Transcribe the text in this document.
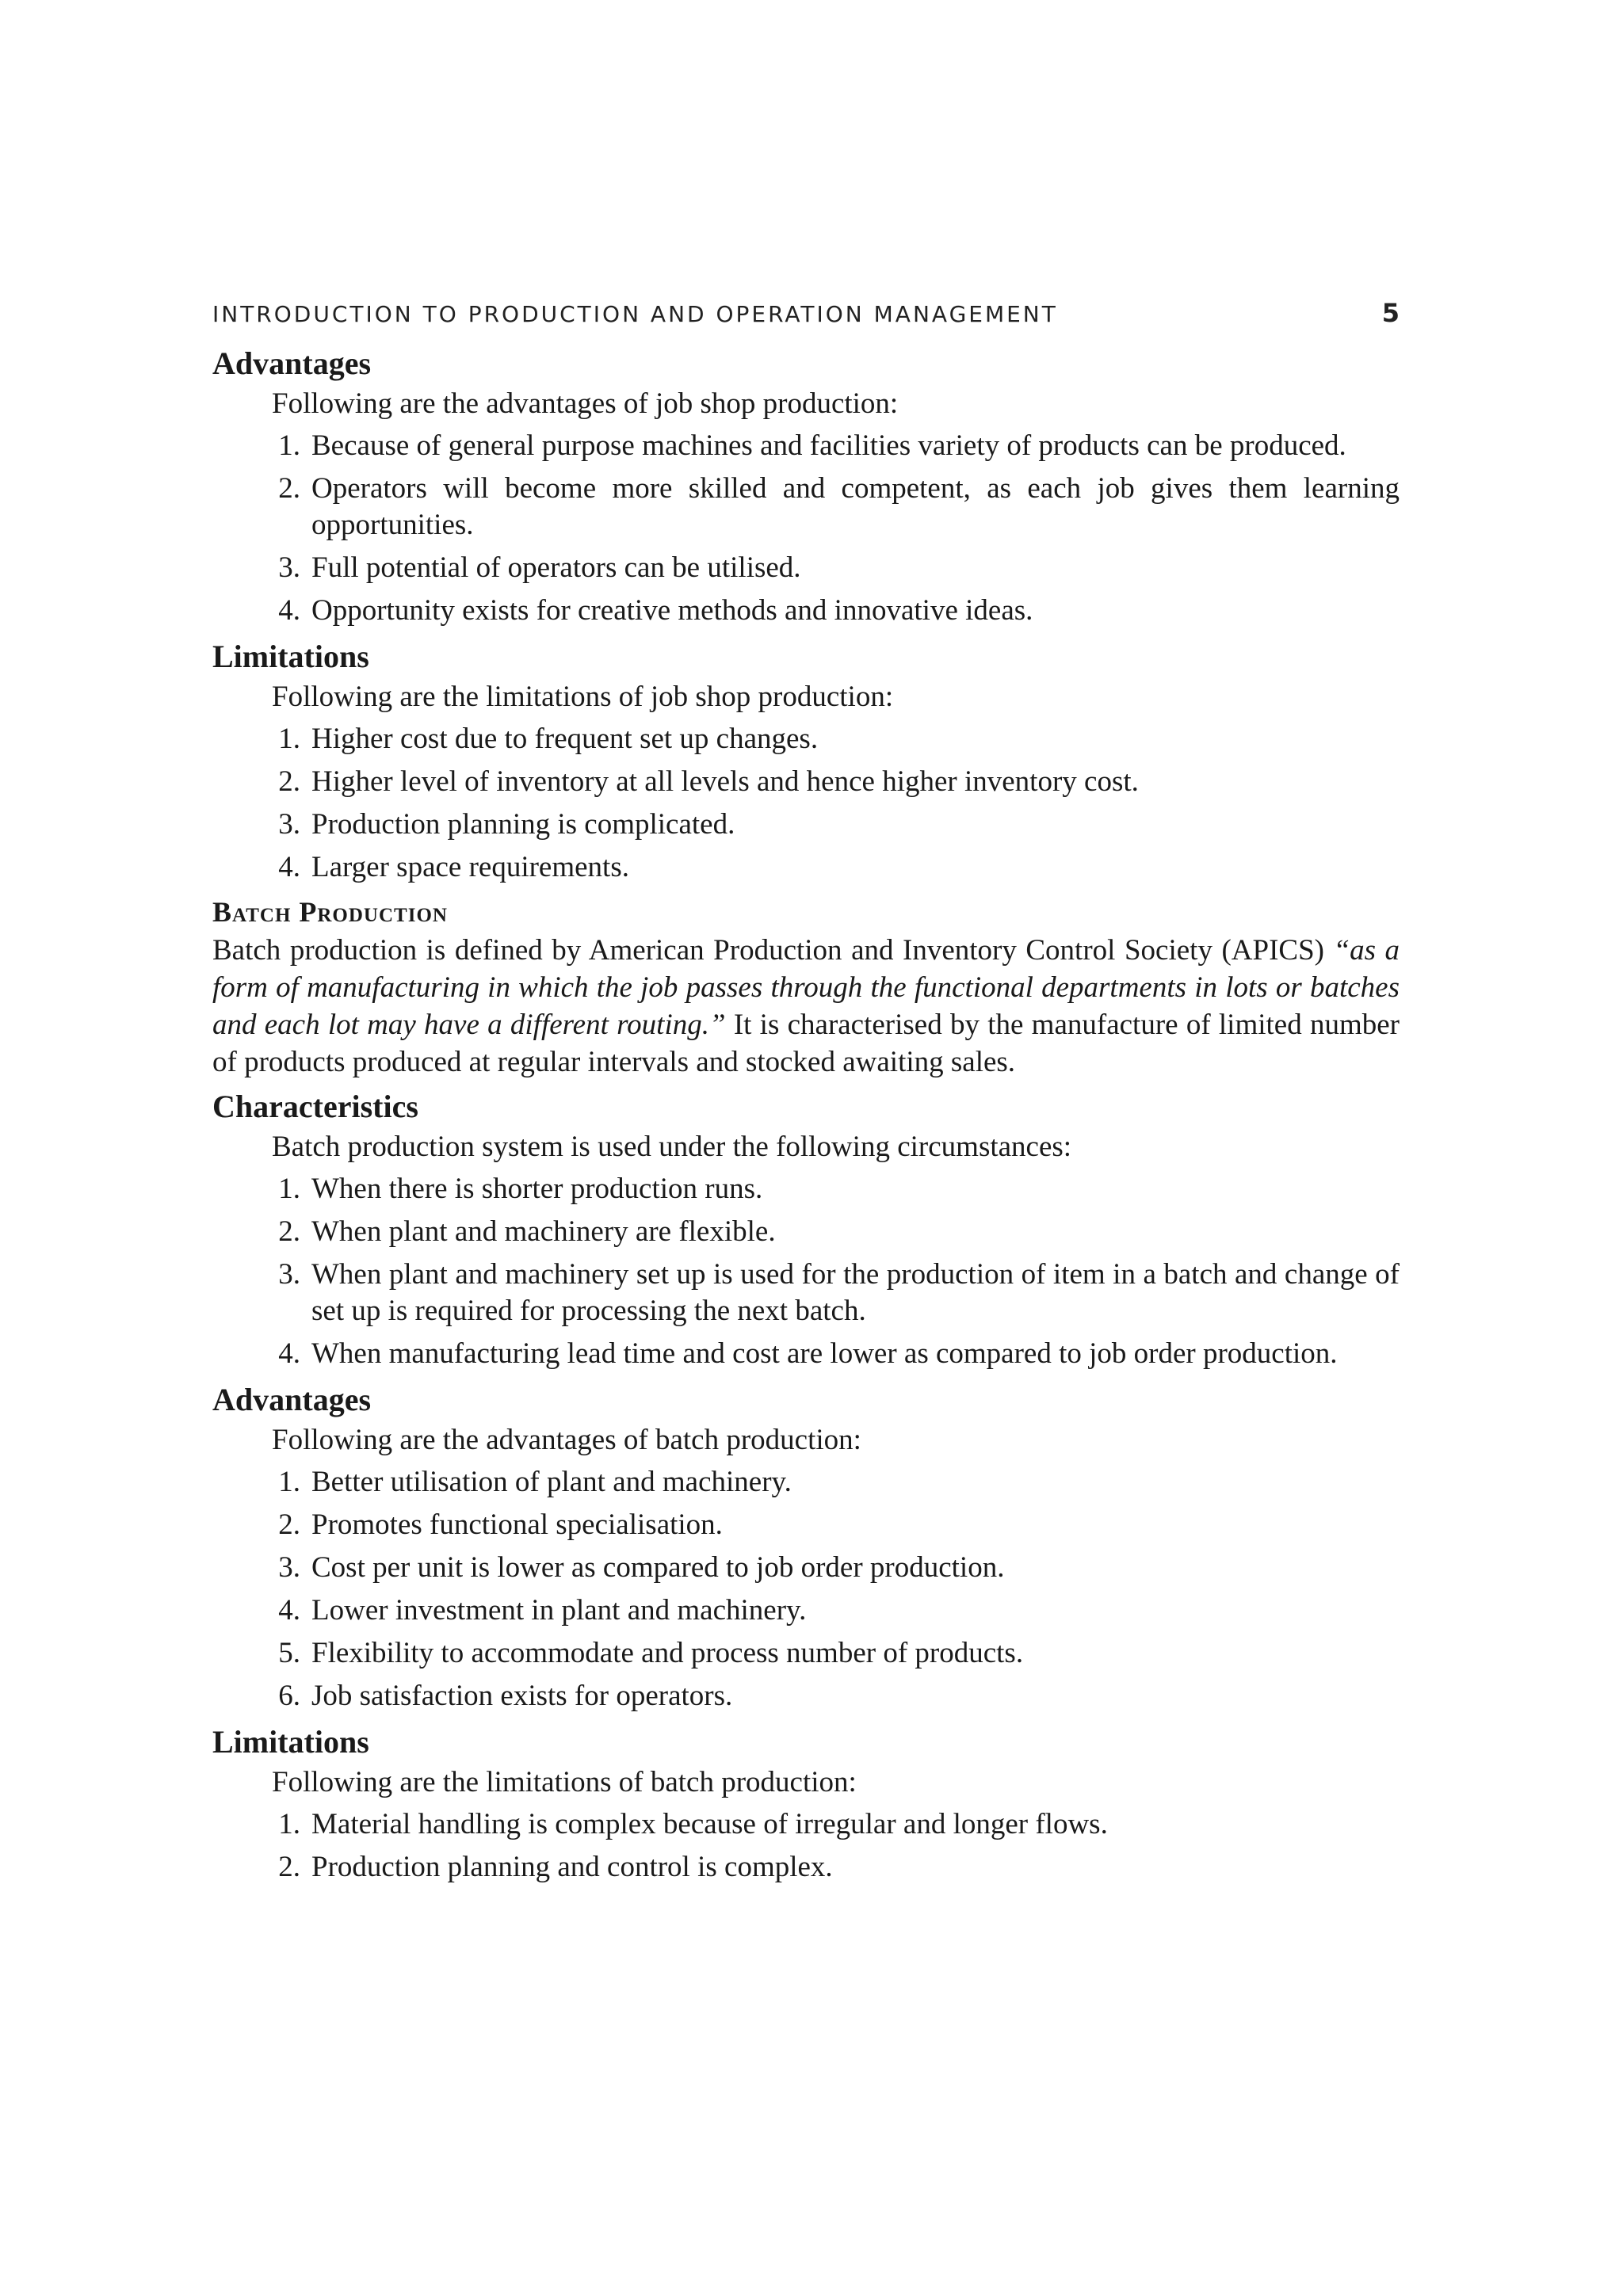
INTRODUCTION TO PRODUCTION AND OPERATION MANAGEMENT	5
Advantages
Following are the advantages of job shop production:
1. Because of general purpose machines and facilities variety of products can be produced.
2. Operators will become more skilled and competent, as each job gives them learning opportunities.
3. Full potential of operators can be utilised.
4. Opportunity exists for creative methods and innovative ideas.
Limitations
Following are the limitations of job shop production:
1. Higher cost due to frequent set up changes.
2. Higher level of inventory at all levels and hence higher inventory cost.
3. Production planning is complicated.
4. Larger space requirements.
Batch Production

Batch production is defined by American Production and Inventory Control Society (APICS) “as a form of manufacturing in which the job passes through the functional departments in lots or batches and each lot may have a different routing.” It is characterised by the manufacture of limited number of products produced at regular intervals and stocked awaiting sales.

Characteristics
Batch production system is used under the following circumstances:
1. When there is shorter production runs.
2. When plant and machinery are flexible.
3. When plant and machinery set up is used for the production of item in a batch and change of set up is required for processing the next batch.
4. When manufacturing lead time and cost are lower as compared to job order production.
Advantages
Following are the advantages of batch production:
1. Better utilisation of plant and machinery.
2. Promotes functional specialisation.
3. Cost per unit is lower as compared to job order production.
4. Lower investment in plant and machinery.
5. Flexibility to accommodate and process number of products.
6. Job satisfaction exists for operators.
Limitations
Following are the limitations of batch production:
1. Material handling is complex because of irregular and longer flows.
2. Production planning and control is complex.
